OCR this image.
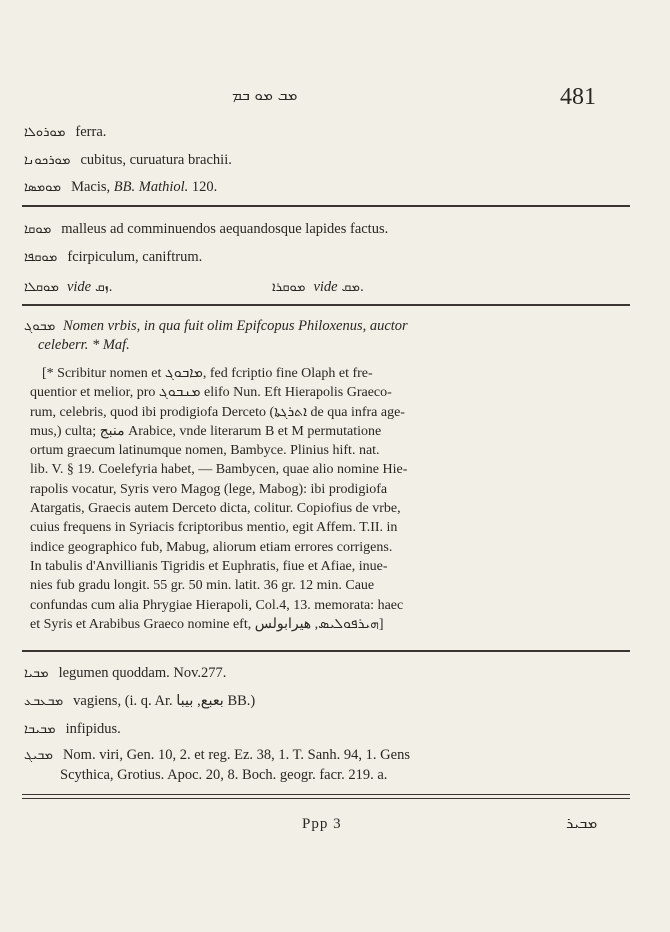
ܡܒ ܡܘ ܒܡ	481
ܡܘܪܘܠܐ ferra.
ܡܘܪܟܘܢܐ cubitus, curuatura brachii.
ܡܘܡܣܐ Macis, BB. Mathiol. 120.
ܡܘܩܐ malleus ad comminuendos aequandosque lapides factus.
ܡܘܩܦܐ fcirpiculum, caniftrum.
ܡܘܩܠܐ vide ܙܩ.	ܡܘܩܪܐ vide ܡܩ.
ܡܒܘܓ Nomen vrbis, in qua fuit olim Epifcopus Philoxenus, auctor
celeberr. * Maf.
[* Scribitur nomen et ܡܐܒܘܓ, fed fcriptio fine Olaph et fre-
quentior et melior, pro ܡܢܒܘܓ elifo Nun. Eft Hierapolis Graeco-
rum, celebris, quod ibi prodigiofa Derceto (ܐܬܪܓܬܐ de qua infra age-
mus,) culta; منبج Arabice, vnde literarum B et M permutatione
ortum graecum latinumque nomen, Bambyce. Plinius hift. nat.
lib. V. § 19. Coelefyria habet, — Bambycen, quae alio nomine Hie-
rapolis vocatur, Syris vero Magog (lege, Mabog): ibi prodigiofa
Atargatis, Graecis autem Derceto dicta, colitur. Copiofius de vrbe,
cuius frequens in Syriacis fcriptoribus mentio, egit Affem. T.II. in
indice geographico fub, Mabug, aliorum etiam errores corrigens.
In tabulis d'Anvillianis Tigridis et Euphratis, fiue et Afiae, inue-
nies fub gradu longit. 55 gr. 50 min. latit. 36 gr. 12 min. Caue
confundas cum alia Phrygiae Hierapoli, Col.4, 13. memorata: haec
et Syris et Arabibus Graeco nomine eft, ܗܝܪܦܘܠܝܣ, هيرابولس]
ܡܒܝܐ legumen quoddam. Nov.277.
ܡܒܥܒܥ vagiens, (i. q. Ar. بعبع, بيبا BB.)
ܡܒܝܒܐ infipidus.
ܡܒܝܓ Nom. viri, Gen. 10, 2. et reg. Ez. 38, 1. T. Sanh. 94, 1. Gens
Scythica, Grotius. Apoc. 20, 8. Boch. geogr. facr. 219. a.
Ppp 3	ܡܒܝܪ
